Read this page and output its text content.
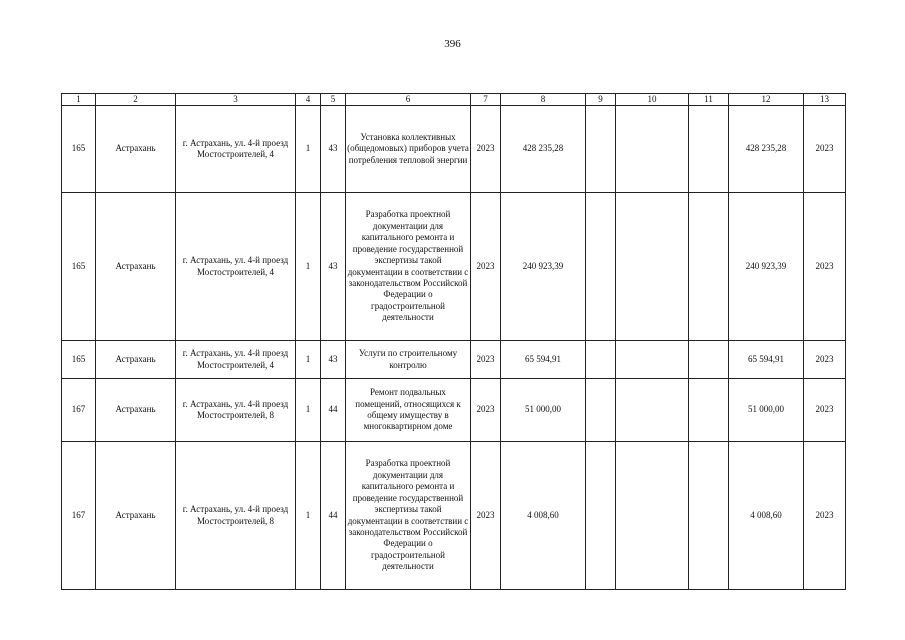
396
1	2	3	4	5	6	7	8	9	10	11	12	13
165	Астрахань	г. Астрахань, ул. 4-й проезд Мостостроителей, 4	1	43	Установка коллективных (общедомовых) приборов учета потребления тепловой энергии	2023	428 235,28				428 235,28	2023
165	Астрахань	г. Астрахань, ул. 4-й проезд Мостостроителей, 4	1	43	Разработка проектной документации для капитального ремонта и проведение государственной экспертизы такой документации в соответствии с законодательством Российской Федерации о градостроительной деятельности	2023	240 923,39				240 923,39	2023
165	Астрахань	г. Астрахань, ул. 4-й проезд Мостостроителей, 4	1	43	Услуги по строительному контролю	2023	65 594,91				65 594,91	2023
167	Астрахань	г. Астрахань, ул. 4-й проезд Мостостроителей, 8	1	44	Ремонт подвальных помещений, относящихся к общему имуществу в многоквартирном доме	2023	51 000,00				51 000,00	2023
167	Астрахань	г. Астрахань, ул. 4-й проезд Мостостроителей, 8	1	44	Разработка проектной документации для капитального ремонта и проведение государственной экспертизы такой документации в соответствии с законодательством Российской Федерации о градостроительной деятельности	2023	4 008,60				4 008,60	2023
